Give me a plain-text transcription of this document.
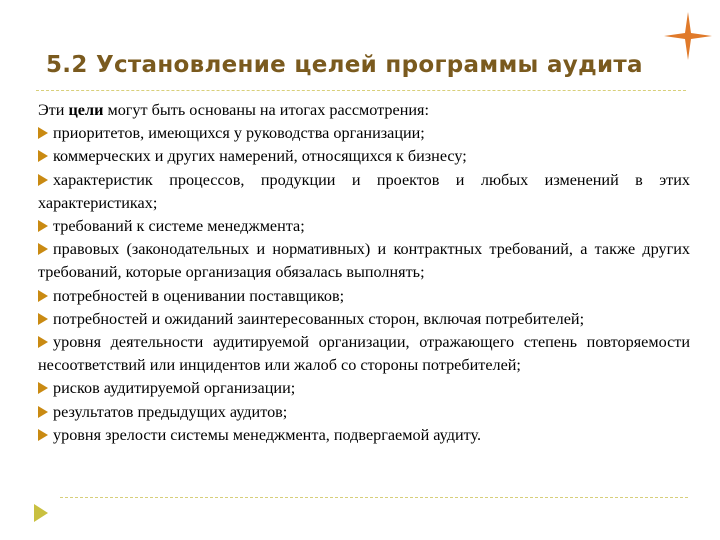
5.2 Установление целей программы аудита

Эти цели могут быть основаны на итогах рассмотрения:

приоритетов, имеющихся у руководства организации;
коммерческих и других намерений, относящихся к бизнесу;
характеристик процессов, продукции и проектов и любых изменений в этих характеристиках;
требований к системе менеджмента;
правовых (законодательных и нормативных) и контрактных требований, а также других требований, которые организация обязалась выполнять;
потребностей в оценивании поставщиков;
потребностей и ожиданий заинтересованных сторон, включая потребителей;
уровня деятельности аудитируемой организации, отражающего степень повторяемости несоответствий или инцидентов или жалоб со стороны потребителей;
рисков аудитируемой организации;
результатов предыдущих аудитов;
уровня зрелости системы менеджмента, подвергаемой аудиту.
